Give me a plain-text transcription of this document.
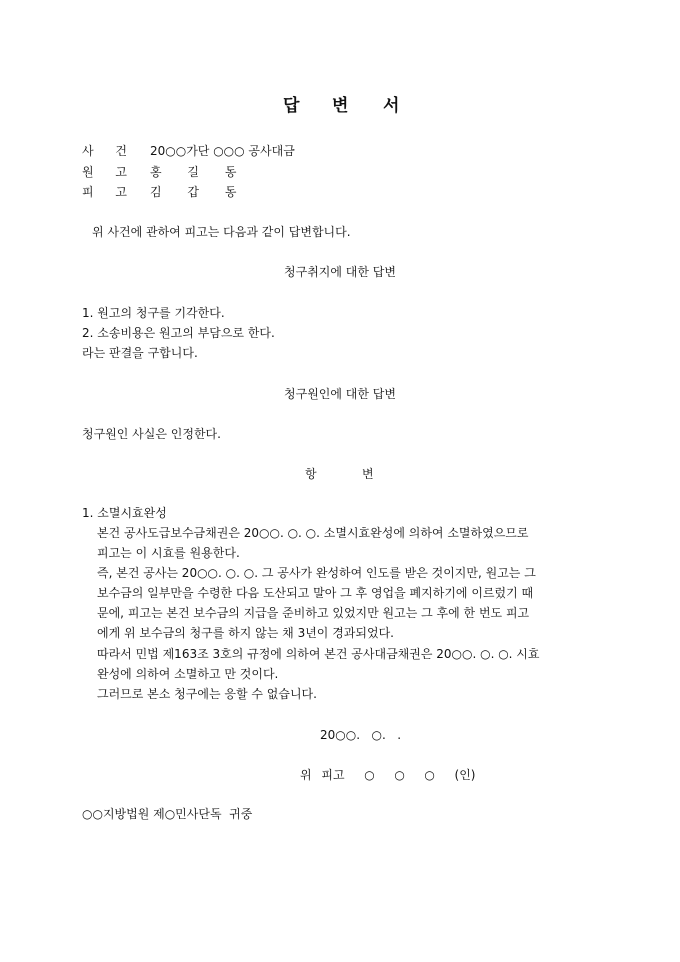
답 변 서
사 건 20○○가단 ○○○ 공사대금
원 고 홍 길 동
피 고 김 갑 동
위 사건에 관하여 피고는 다음과 같이 답변합니다.
청구취지에 대한 답변
1. 원고의 청구를 기각한다.
2. 소송비용은 원고의 부담으로 한다.
라는 판결을 구합니다.
청구원인에 대한 답변
청구원인 사실은 인정한다.
항	변
1. 소멸시효완성
본건 공사도급보수금채권은 20○○. ○. ○. 소멸시효완성에 의하여 소멸하였으므로
피고는 이 시효를 원용한다.
즉, 본건 공사는 20○○. ○. ○. 그 공사가 완성하여 인도를 받은 것이지만, 원고는 그
보수금의 일부만을 수령한 다음 도산되고 말아 그 후 영업을 폐지하기에 이르렀기 때
문에, 피고는 본건 보수금의 지급을 준비하고 있었지만 원고는 그 후에 한 번도 피고
에게 위 보수금의 청구를 하지 않는 채 3년이 경과되었다.
따라서 민법 제163조 3호의 규정에 의하여 본건 공사대금채권은 20○○. ○. ○. 시효
완성에 의하여 소멸하고 만 것이다.
그러므로 본소 청구에는 응할 수 없습니다.
20○○.   ○.   .
위 피고  ○  ○  ○  (인)
○○지방법원 제○민사단독  귀중
